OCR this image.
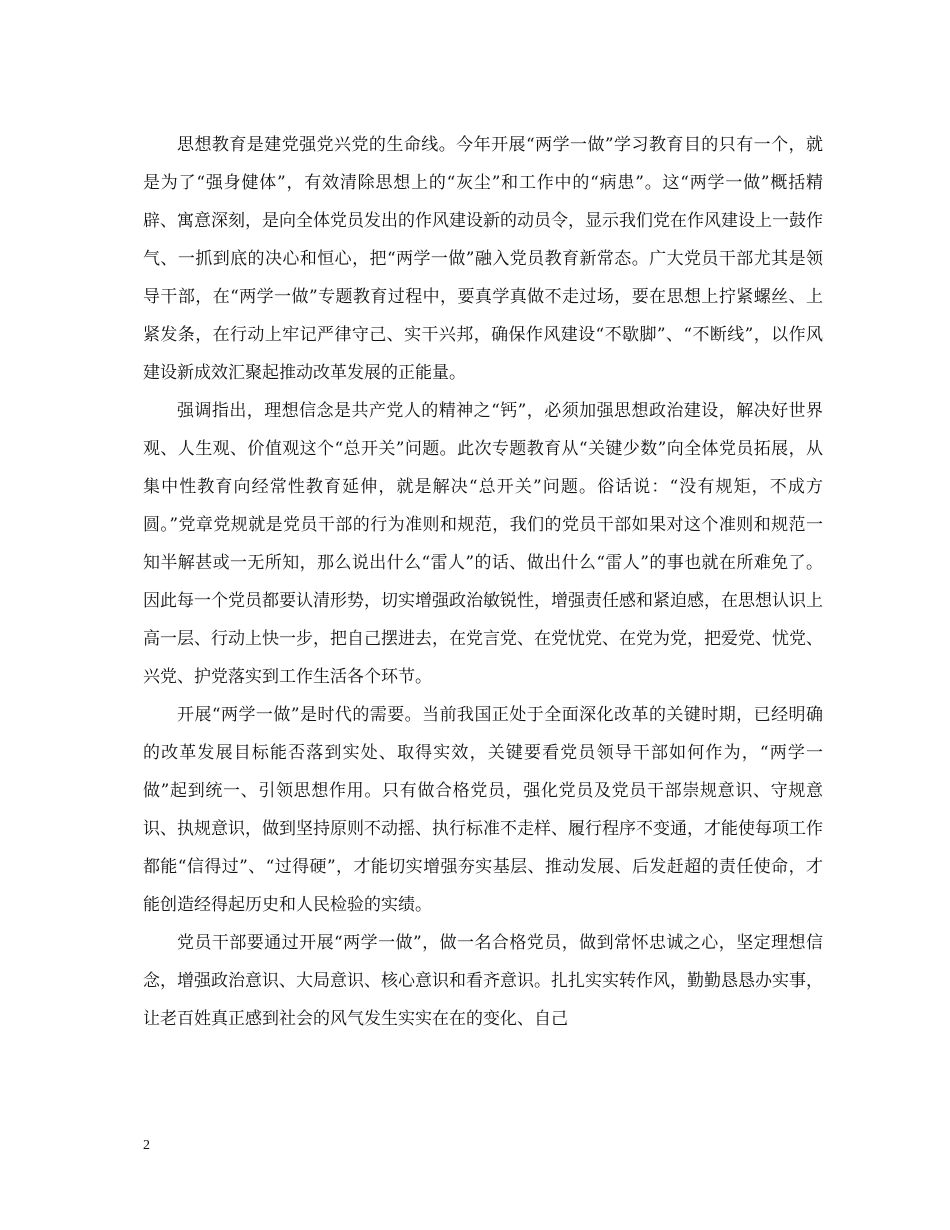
思想教育是建党强党兴党的生命线。今年开展“两学一做”学习教育目的只有一个，就是为了“强身健体”，有效清除思想上的“灰尘”和工作中的“病患”。这“两学一做”概括精辟、寓意深刻，是向全体党员发出的作风建设新的动员令，显示我们党在作风建设上一鼓作气、一抓到底的决心和恒心，把“两学一做”融入党员教育新常态。广大党员干部尤其是领导干部，在“两学一做”专题教育过程中，要真学真做不走过场，要在思想上拧紧螺丝、上紧发条，在行动上牢记严律守己、实干兴邦，确保作风建设“不歇脚”、“不断线”，以作风建设新成效汇聚起推动改革发展的正能量。

强调指出，理想信念是共产党人的精神之“钙”，必须加强思想政治建设，解决好世界观、人生观、价值观这个“总开关”问题。此次专题教育从“关键少数”向全体党员拓展，从集中性教育向经常性教育延伸，就是解决“总开关”问题。俗话说：“没有规矩，不成方圆。”党章党规就是党员干部的行为准则和规范，我们的党员干部如果对这个准则和规范一知半解甚或一无所知，那么说出什么“雷人”的话、做出什么“雷人”的事也就在所难免了。因此每一个党员都要认清形势，切实增强政治敏锐性，增强责任感和紧迫感，在思想认识上高一层、行动上快一步，把自己摆进去，在党言党、在党忧党、在党为党，把爱党、忧党、兴党、护党落实到工作生活各个环节。

开展“两学一做”是时代的需要。当前我国正处于全面深化改革的关键时期，已经明确的改革发展目标能否落到实处、取得实效，关键要看党员领导干部如何作为，“两学一做”起到统一、引领思想作用。只有做合格党员，强化党员及党员干部崇规意识、守规意识、执规意识，做到坚持原则不动摇、执行标准不走样、履行程序不变通，才能使每项工作都能“信得过”、“过得硬”，才能切实增强夯实基层、推动发展、后发赶超的责任使命，才能创造经得起历史和人民检验的实绩。

党员干部要通过开展“两学一做”，做一名合格党员，做到常怀忠诚之心，坚定理想信念，增强政治意识、大局意识、核心意识和看齐意识。扎扎实实转作风，勤勤恳恳办实事，让老百姓真正感到社会的风气发生实实在在的变化、自己

2
